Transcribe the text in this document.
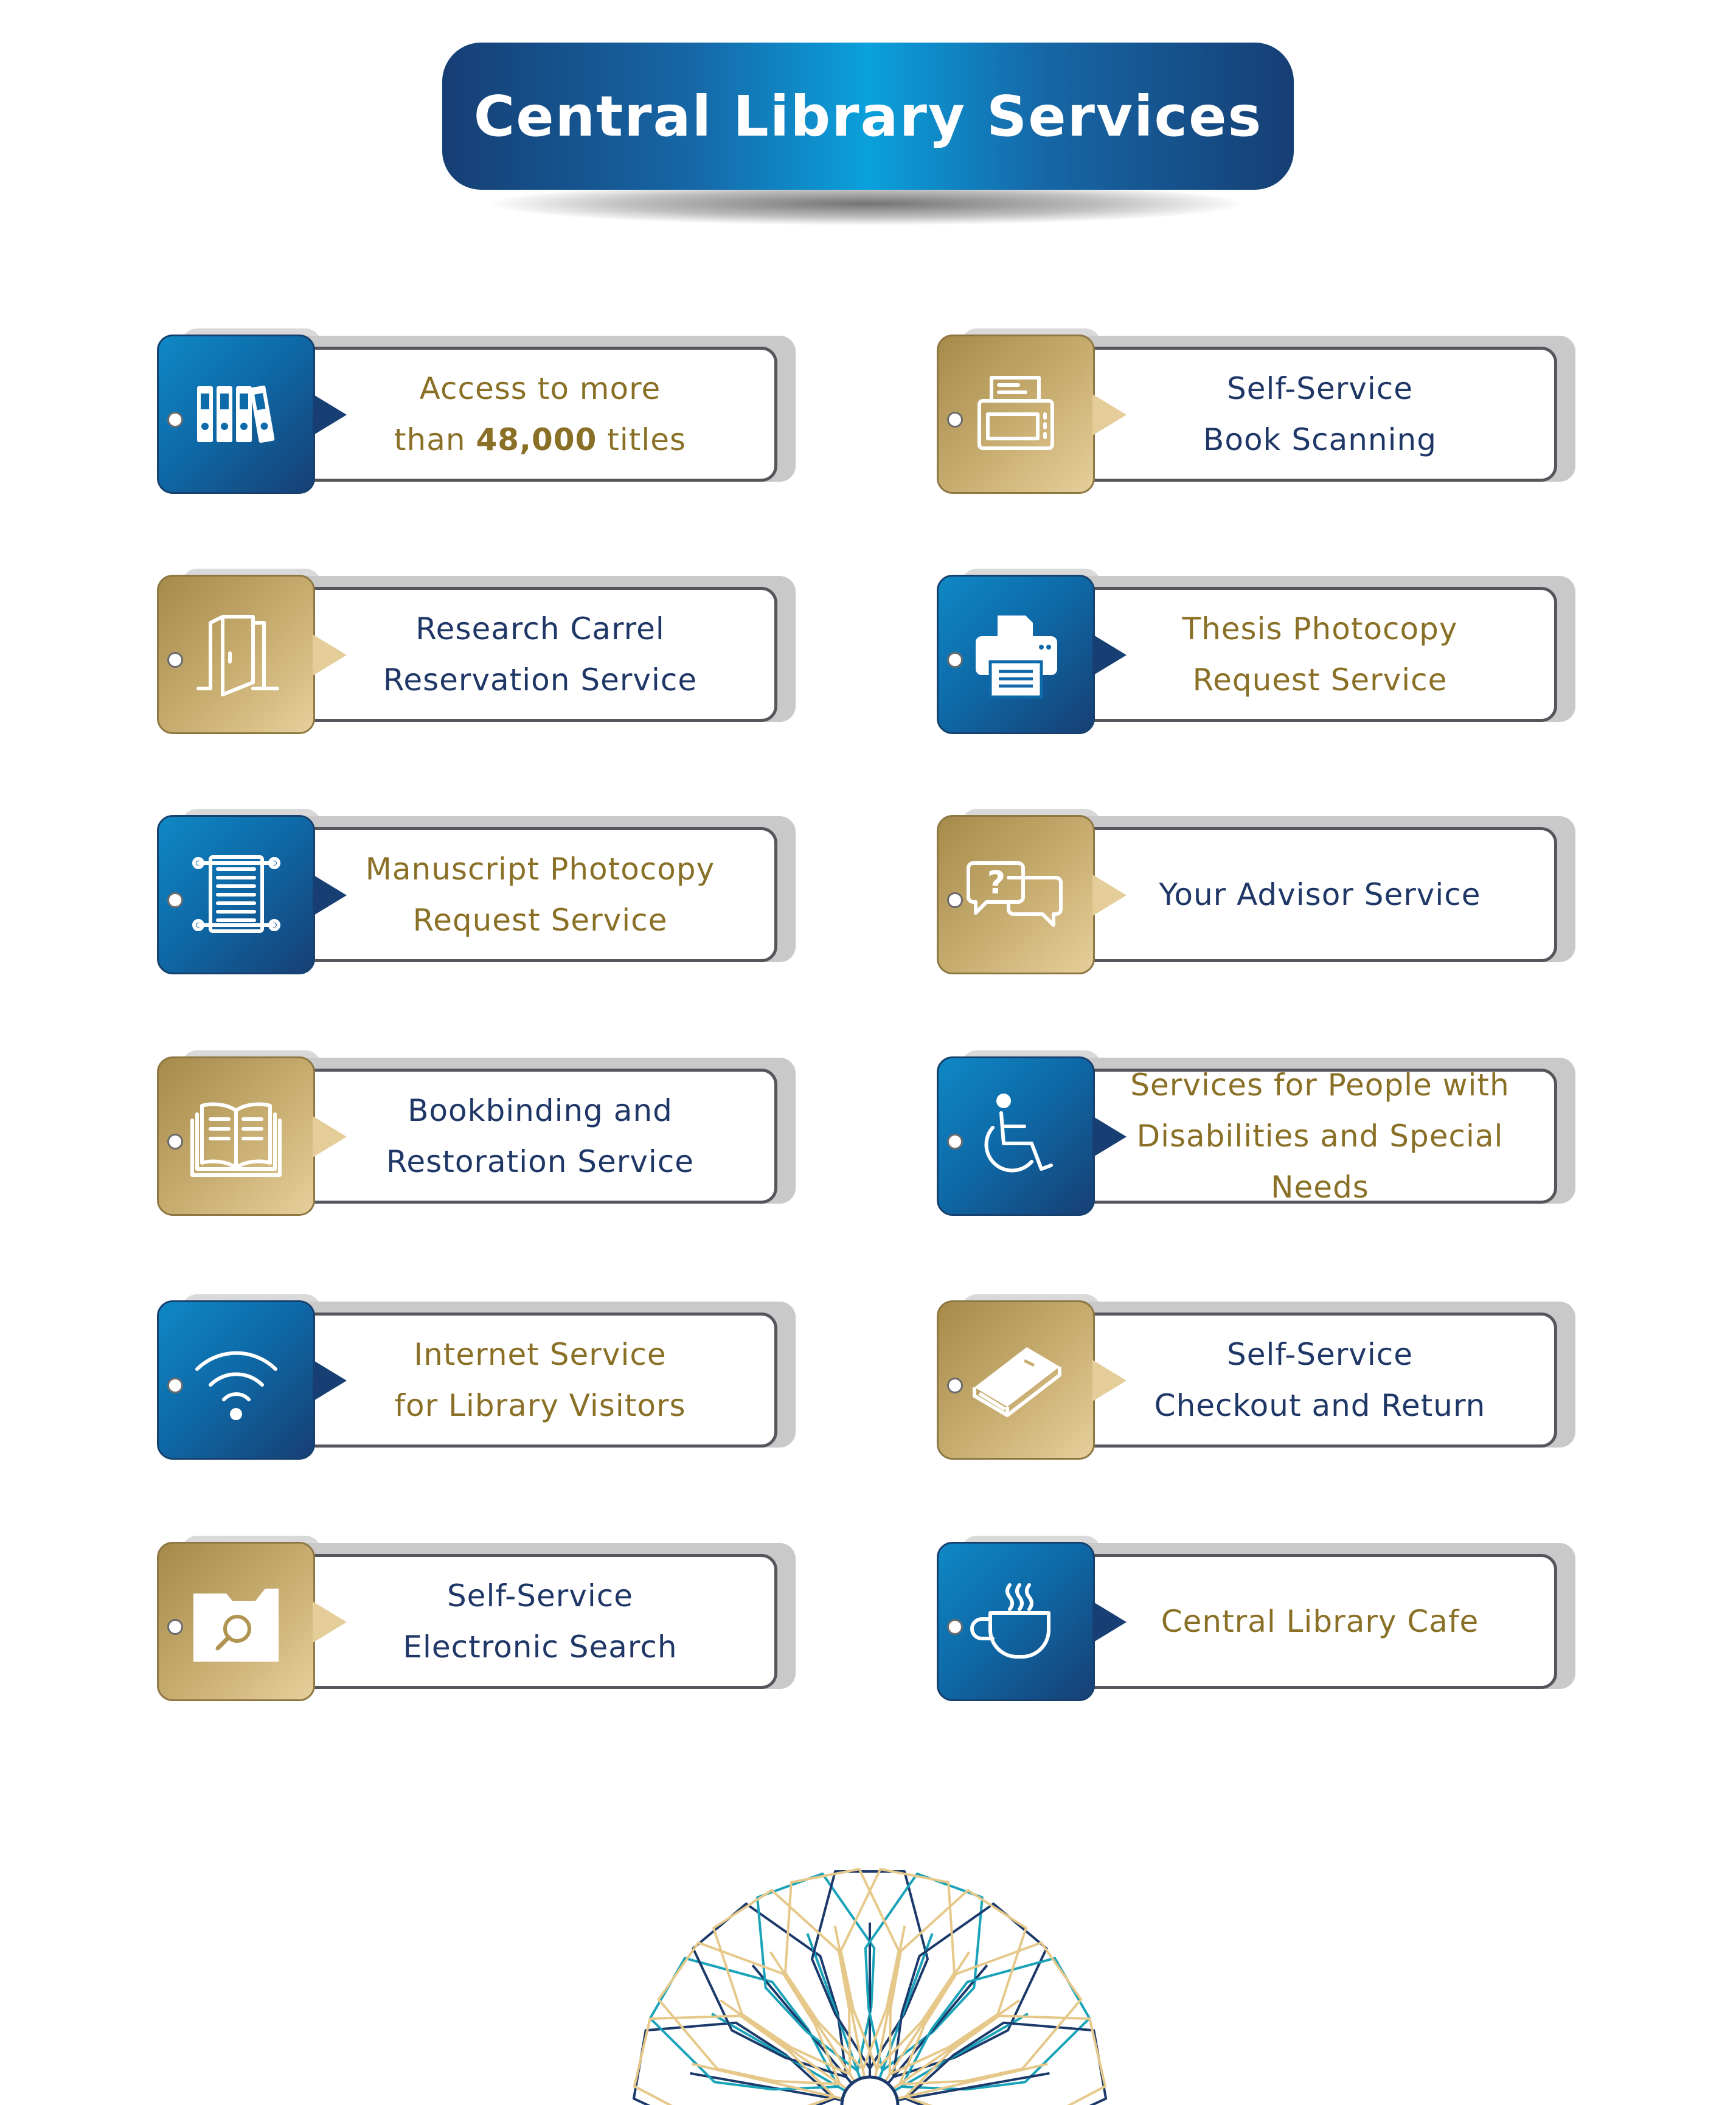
Central Library Services
Access to more
than 48,000 titles
Self-Service
Book Scanning
Research Carrel
Reservation Service
Thesis Photocopy
Request Service
Manuscript Photocopy
Request Service
Your Advisor Service
?
Bookbinding and
Restoration Service
Services for People with
Disabilities and Special Needs
Internet Service
for Library Visitors
Self-Service
Checkout and Return
Self-Service
Electronic Search
Central Library Cafe
